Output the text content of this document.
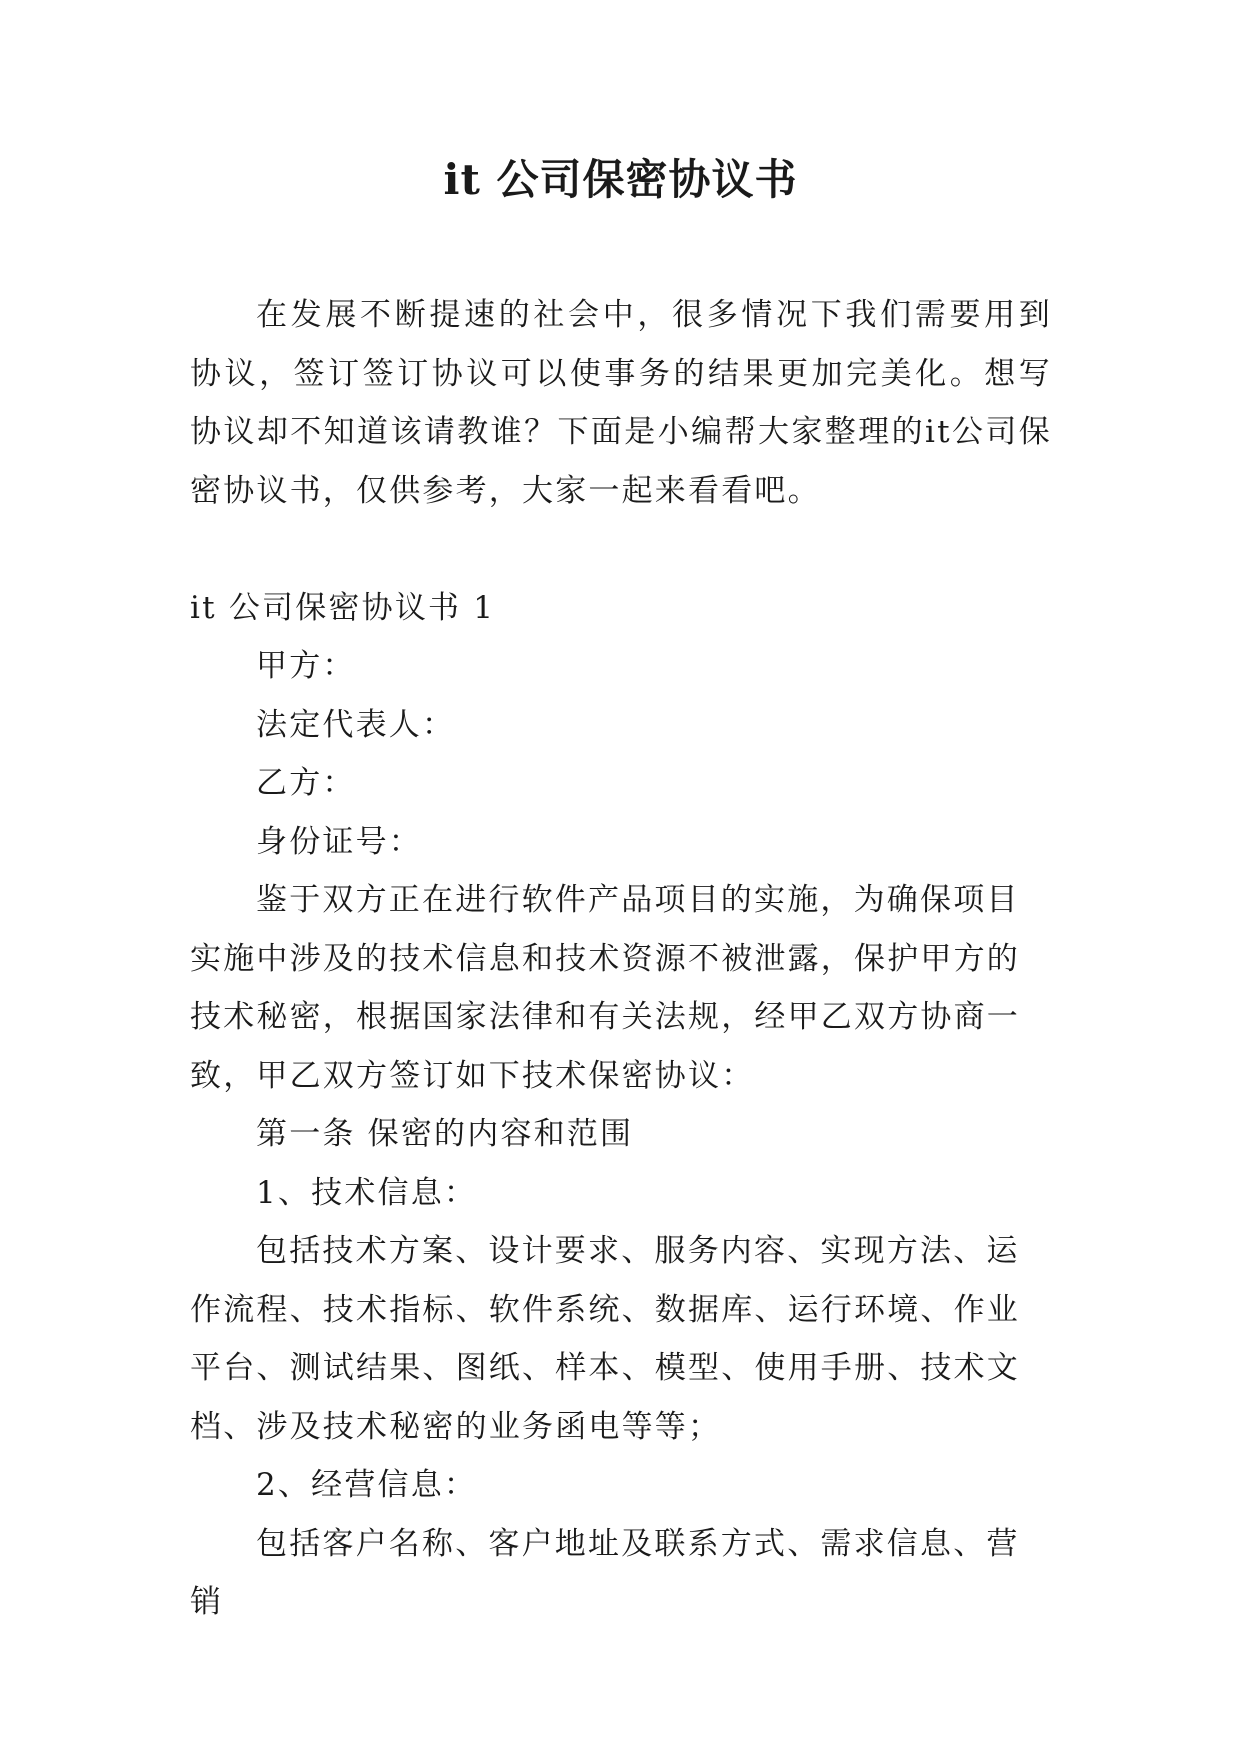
it 公司保密协议书

在发展不断提速的社会中，很多情况下我们需要用到协议，签订签订协议可以使事务的结果更加完美化。想写协议却不知道该请教谁？下面是小编帮大家整理的it公司保密协议书，仅供参考，大家一起来看看吧。

it 公司保密协议书 1

甲方：

法定代表人：

乙方：

身份证号：

鉴于双方正在进行软件产品项目的实施，为确保项目实施中涉及的技术信息和技术资源不被泄露，保护甲方的技术秘密，根据国家法律和有关法规，经甲乙双方协商一致，甲乙双方签订如下技术保密协议：

第一条 保密的内容和范围

1、技术信息：

包括技术方案、设计要求、服务内容、实现方法、运作流程、技术指标、软件系统、数据库、运行环境、作业平台、测试结果、图纸、样本、模型、使用手册、技术文档、涉及技术秘密的业务函电等等；

2、经营信息：

包括客户名称、客户地址及联系方式、需求信息、营销
